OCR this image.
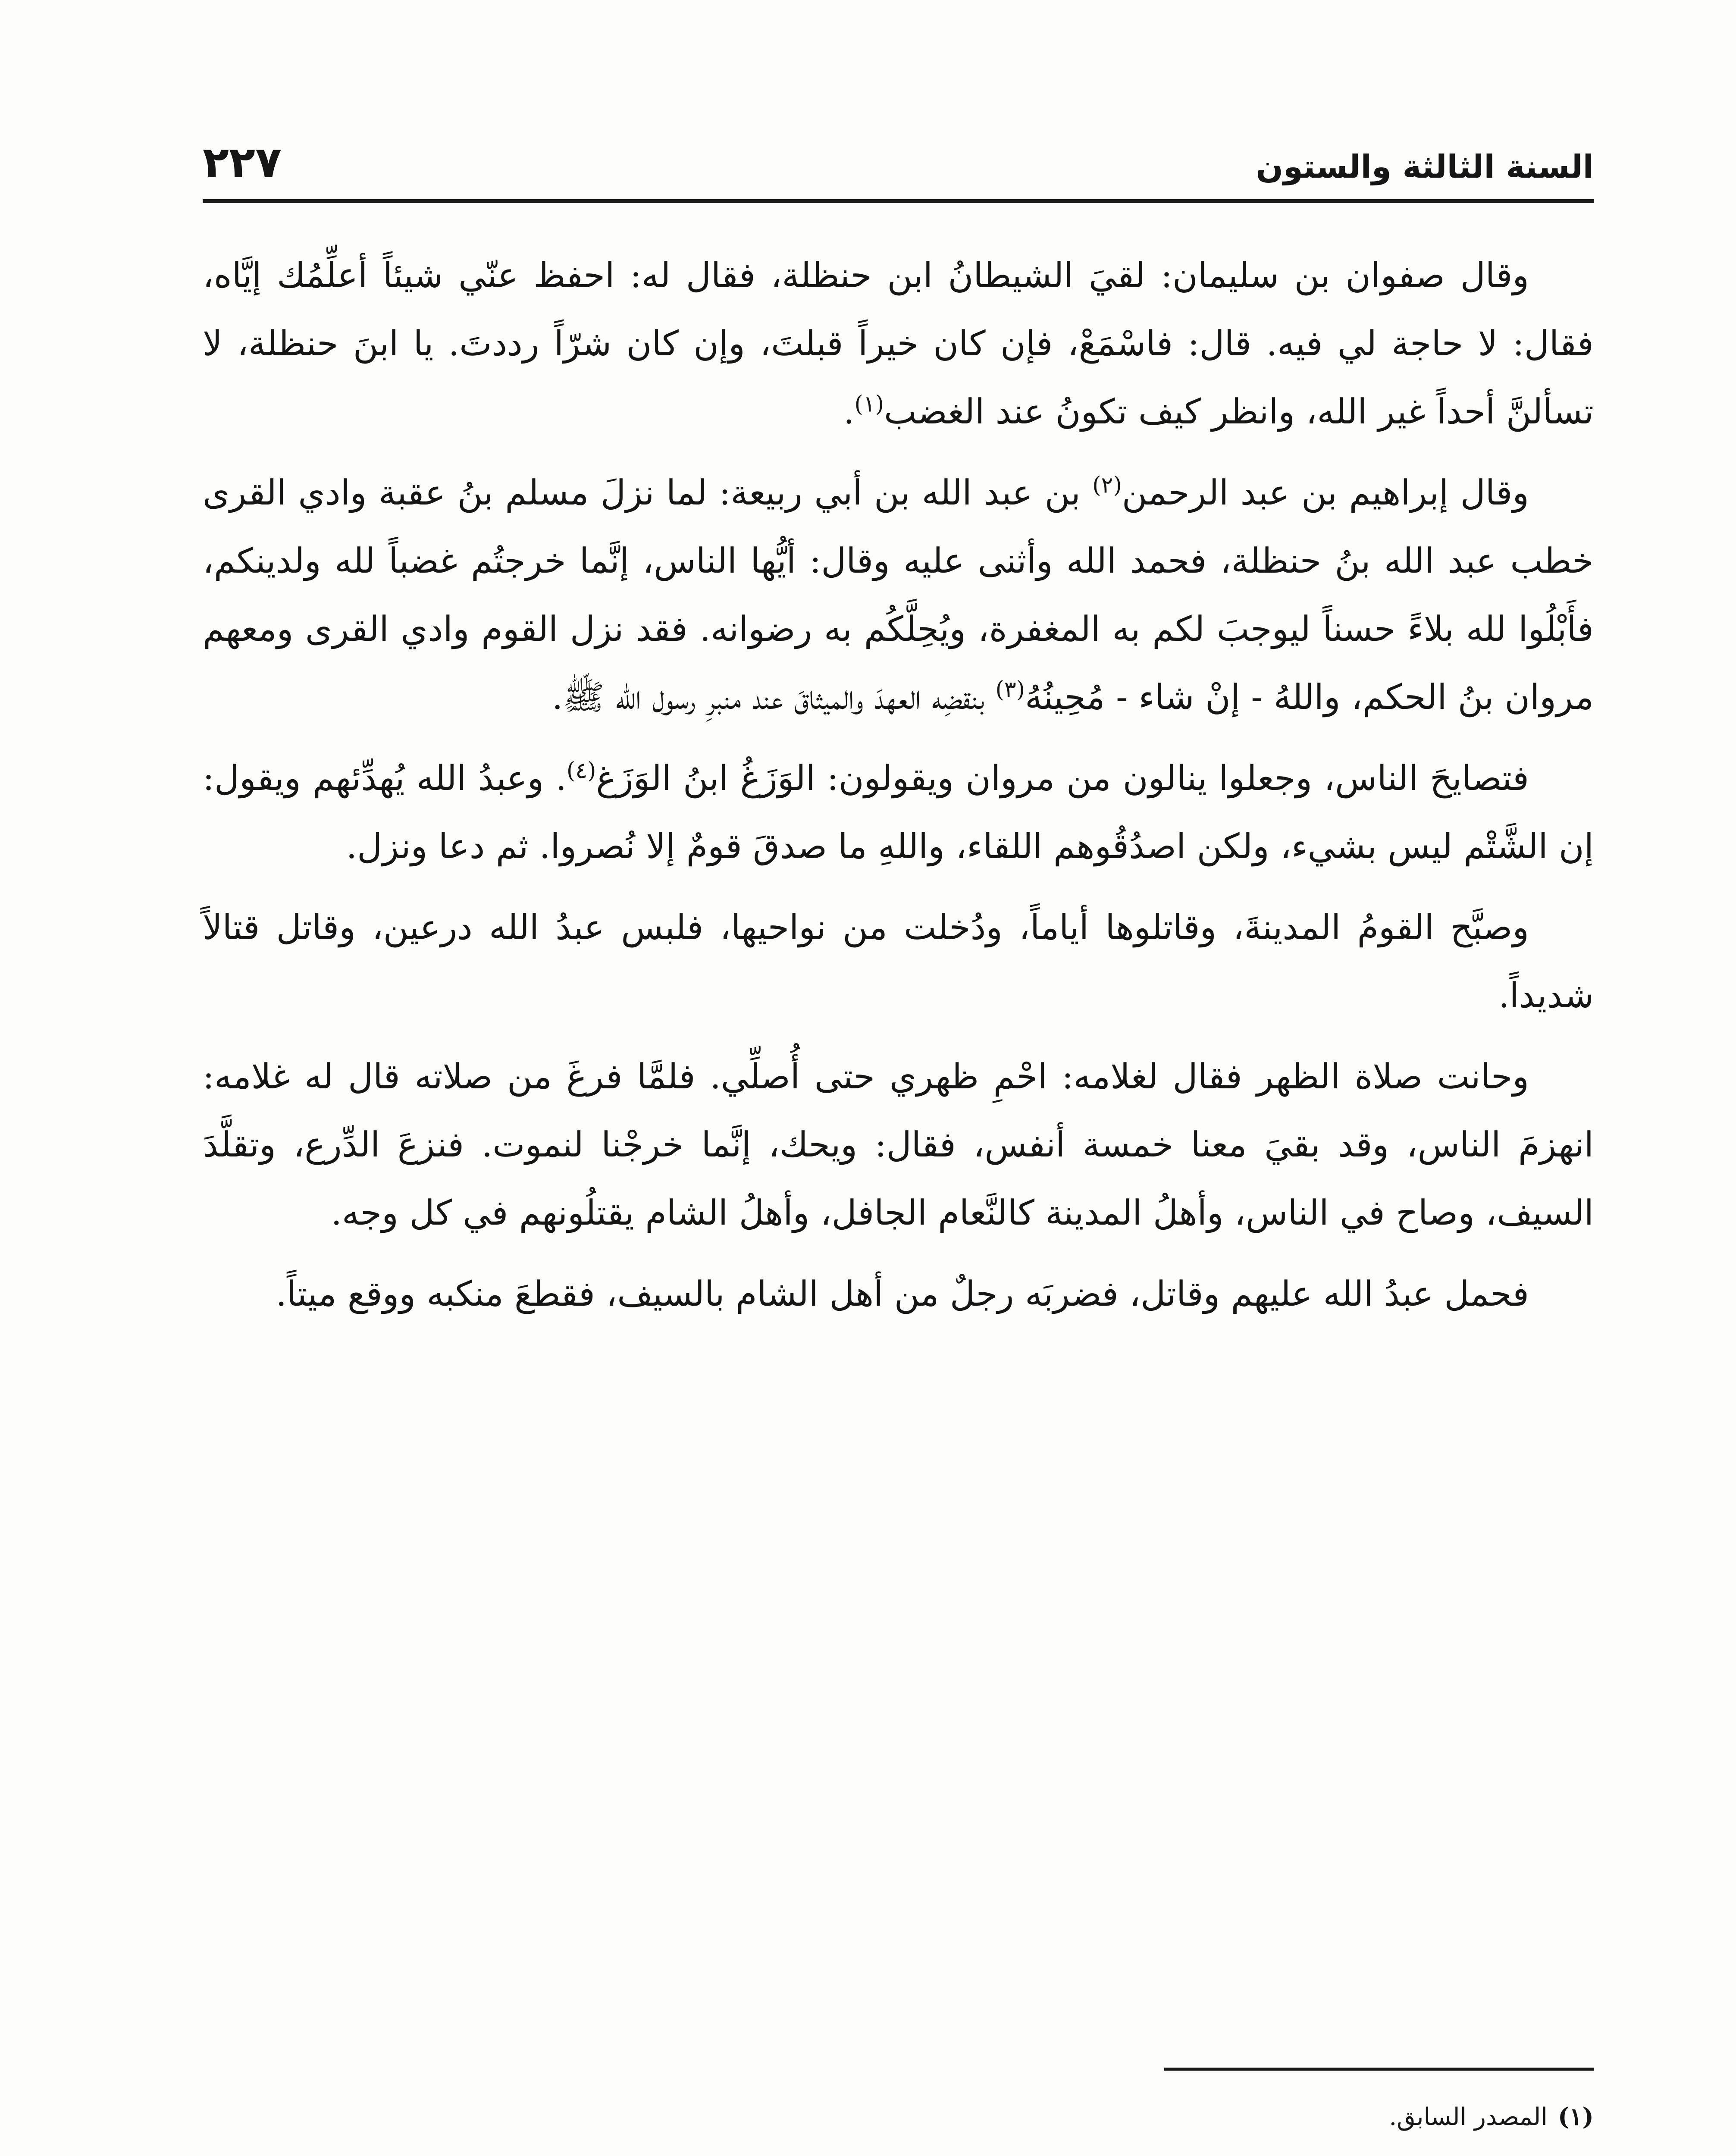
السنة الثالثة والستون
٢٢٧

وقال صفوان بن سليمان: لقيَ الشيطانُ ابن حنظلة، فقال له: احفظ عنّي شيئاً أعلِّمُك إيَّاه، فقال: لا حاجة لي فيه. قال: فاسْمَعْ، فإن كان خيراً قبلتَ، وإن كان شرّاً رددتَ. يا ابنَ حنظلة، لا تسألنَّ أحداً غير الله، وانظر كيف تكونُ عند الغضب$^{(١)}$.

وقال إبراهيم بن عبد الرحمن$^{(٢)}$ بن عبد الله بن أبي ربيعة: لما نزلَ مسلم بنُ عقبة وادي القرى خطب عبد الله بنُ حنظلة، فحمد الله وأثنى عليه وقال: أيُّها الناس، إنَّما خرجتُم غضباً لله ولدينكم، فأَبْلُوا لله بلاءً حسناً ليوجبَ لكم به المغفرة، ويُحِلَّكُم به رضوانه. فقد نزل القوم وادي القرى ومعهم مروان بنُ الحكم، واللهُ - إنْ شاء - مُحِينُهُ$^{(٣)}$ بنقضِه العهدَ والميثاقَ عند منبرِ رسول الله ﷺ.

فتصايحَ الناس، وجعلوا ينالون من مروان ويقولون: الوَزَغُ ابنُ الوَزَغ$^{(٤)}$. وعبدُ الله يُهدِّئهم ويقول: إن الشَّتْم ليس بشيء، ولكن اصدُقُوهم اللقاء، واللهِ ما صدقَ قومٌ إلا نُصروا. ثم دعا ونزل.

وصبَّح القومُ المدينةَ، وقاتلوها أياماً، ودُخلت من نواحيها، فلبس عبدُ الله درعين، وقاتل قتالاً شديداً.

وحانت صلاة الظهر فقال لغلامه: احْمِ ظهري حتى أُصلِّي. فلمَّا فرغَ من صلاته قال له غلامه: انهزمَ الناس، وقد بقيَ معنا خمسة أنفس، فقال: ويحك، إنَّما خرجْنا لنموت. فنزعَ الدِّرع، وتقلَّدَ السيف، وصاح في الناس، وأهلُ المدينة كالنَّعام الجافل، وأهلُ الشام يقتلُونهم في كل وجه.

فحمل عبدُ الله عليهم وقاتل، فضربَه رجلٌ من أهل الشام بالسيف، فقطعَ منكبه ووقع ميتاً.

(١)المصدر السابق.
